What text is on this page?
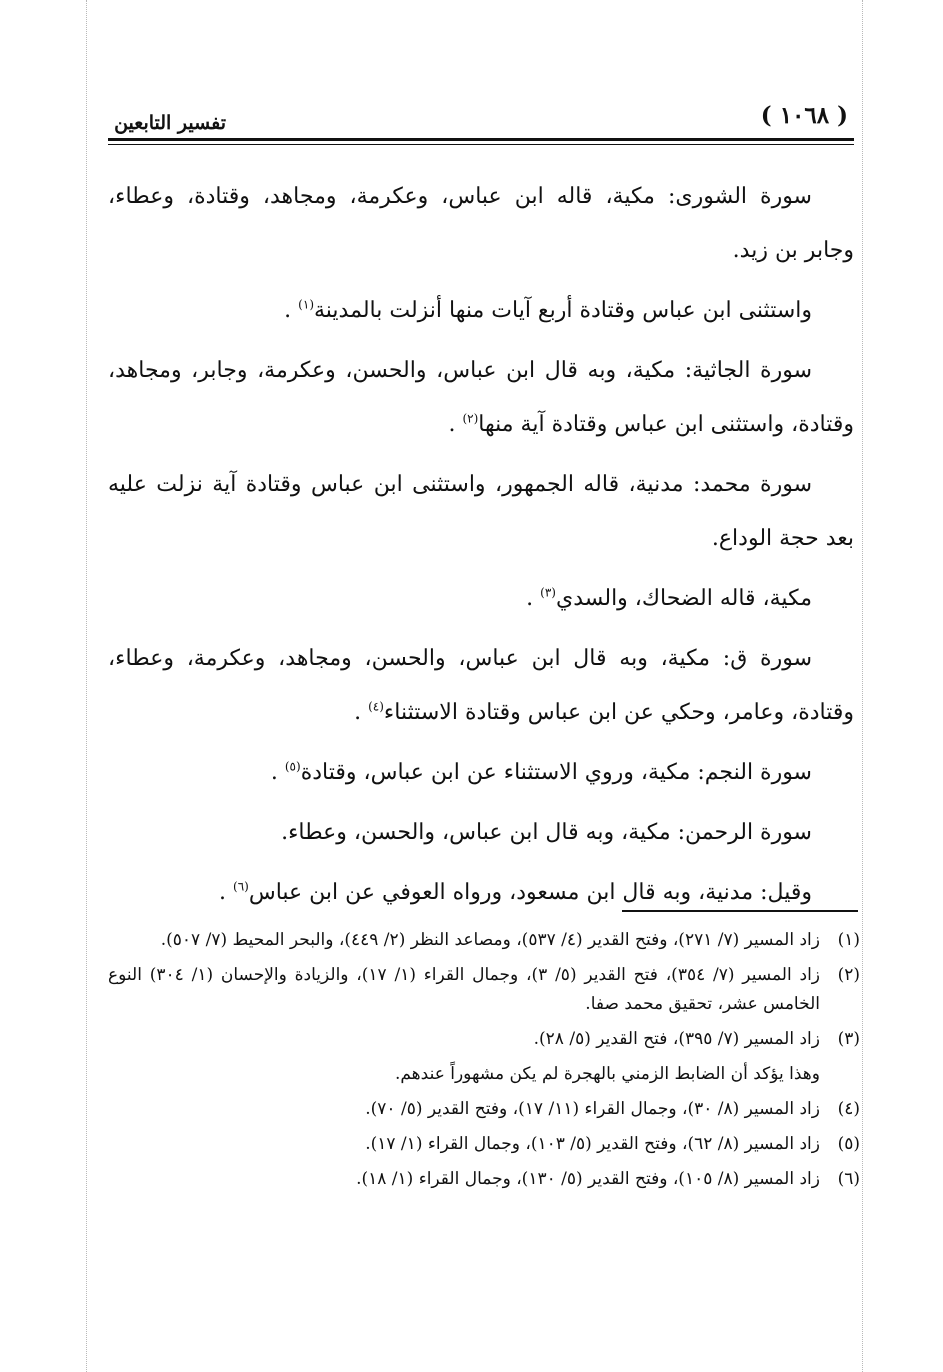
تفسير التابعين	( ١٠٦٨ )

سورة الشورى: مكية، قاله ابن عباس، وعكرمة، ومجاهد، وقتادة، وعطاء، وجابر بن زيد.

واستثنى ابن عباس وقتادة أربع آيات منها أنزلت بالمدينة$^{(١)}$ .

سورة الجاثية: مكية، وبه قال ابن عباس، والحسن، وعكرمة، وجابر، ومجاهد، وقتادة، واستثنى ابن عباس وقتادة آية منها$^{(٢)}$ .

سورة محمد: مدنية، قاله الجمهور، واستثنى ابن عباس وقتادة آية نزلت عليه بعد حجة الوداع.

مكية، قاله الضحاك، والسدي$^{(٣)}$ .

سورة ق: مكية، وبه قال ابن عباس، والحسن، ومجاهد، وعكرمة، وعطاء، وقتادة، وعامر، وحكي عن ابن عباس وقتادة الاستثناء$^{(٤)}$ .

سورة النجم: مكية، وروي الاستثناء عن ابن عباس، وقتادة$^{(٥)}$ .

سورة الرحمن: مكية، وبه قال ابن عباس، والحسن، وعطاء.

وقيل: مدنية، وبه قال ابن مسعود، ورواه العوفي عن ابن عباس$^{(٦)}$ .

(١)
زاد المسير (٧/ ٢٧١)، وفتح القدير (٤/ ٥٣٧)، ومصاعد النظر (٢/ ٤٤٩)، والبحر المحيط (٧/ ٥٠٧).
(٢)
زاد المسير (٧/ ٣٥٤)، فتح القدير (٥/ ٣)، وجمال القراء (١/ ١٧)، والزيادة والإحسان (١/ ٣٠٤) النوع الخامس عشر، تحقيق محمد صفا.
(٣)
زاد المسير (٧/ ٣٩٥)، فتح القدير (٥/ ٢٨).
وهذا يؤكد أن الضابط الزمني بالهجرة لم يكن مشهوراً عندهم.
(٤)
زاد المسير (٨/ ٣٠)، وجمال القراء (١١/ ١٧)، وفتح القدير (٥/ ٧٠).
(٥)
زاد المسير (٨/ ٦٢)، وفتح القدير (٥/ ١٠٣)، وجمال القراء (١/ ١٧).
(٦)
زاد المسير (٨/ ١٠٥)، وفتح القدير (٥/ ١٣٠)، وجمال القراء (١/ ١٨).
